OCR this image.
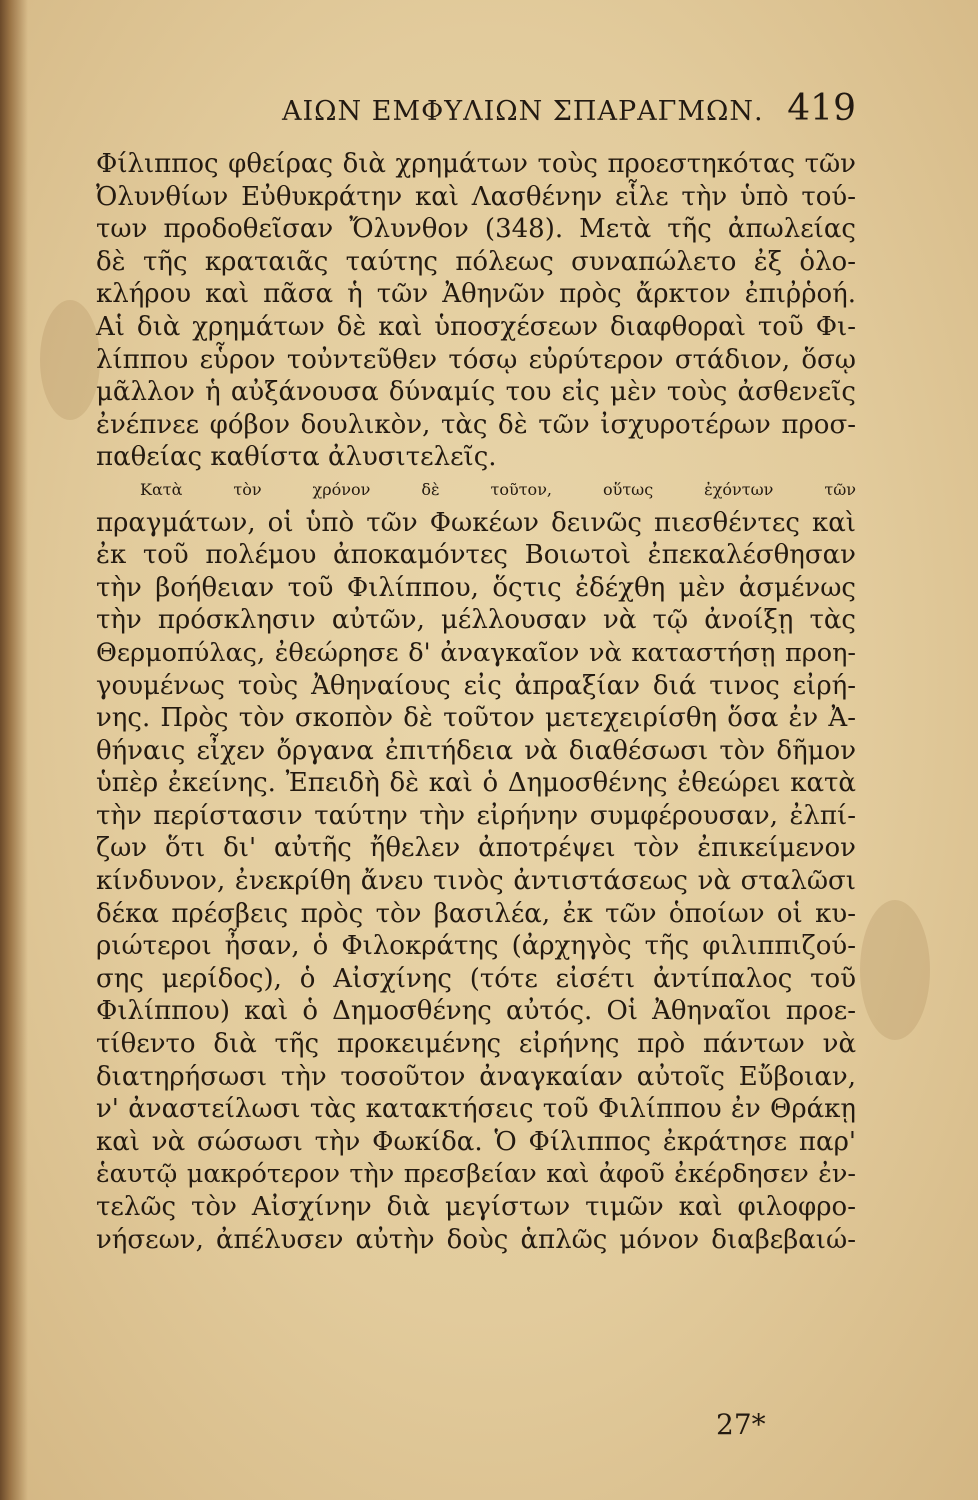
ΑΙΩΝ ΕΜΦΥΛΙΩΝ ΣΠΑΡΑΓΜΩΝ. 419
Φίλιππος φθείρας διὰ χρημάτων τοὺς προεστηκότας τῶν
Ὀλυνθίων Εὐθυκράτην καὶ Λασθένην εἷλε τὴν ὑπὸ τού-
των προδοθεῖσαν Ὄλυνθον (348). Μετὰ τῆς ἀπωλείας
δὲ τῆς κραταιᾶς ταύτης πόλεως συναπώλετο ἐξ ὁλο-
κλήρου καὶ πᾶσα ἡ τῶν Ἀθηνῶν πρὸς ἄρκτον ἐπιῤῥοή.
Αἱ διὰ χρημάτων δὲ καὶ ὑποσχέσεων διαφθοραὶ τοῦ Φι-
λίππου εὗρον τοὐντεῦθεν τόσῳ εὐρύτερον στάδιον, ὅσῳ
μᾶλλον ἡ αὐξάνουσα δύναμίς του εἰς μὲν τοὺς ἀσθενεῖς
ἐνέπνεε φόβον δουλικὸν, τὰς δὲ τῶν ἰσχυροτέρων προσ-
παθείας καθίστα ἀλυσιτελεῖς.
Κατὰ τὸν χρόνον δὲ τοῦτον, οὕτως ἐχόντων τῶν
πραγμάτων, οἱ ὑπὸ τῶν Φωκέων δεινῶς πιεσθέντες καὶ
ἐκ τοῦ πολέμου ἀποκαμόντες Βοιωτοὶ ἐπεκαλέσθησαν
τὴν βοήθειαν τοῦ Φιλίππου, ὅςτις ἐδέχθη μὲν ἀσμένως
τὴν πρόσκλησιν αὐτῶν, μέλλουσαν νὰ τῷ ἀνοίξῃ τὰς
Θερμοπύλας, ἐθεώρησε δ' ἀναγκαῖον νὰ καταστήσῃ προη-
γουμένως τοὺς Ἀθηναίους εἰς ἀπραξίαν διά τινος εἰρή-
νης. Πρὸς τὸν σκοπὸν δὲ τοῦτον μετεχειρίσθη ὅσα ἐν Ἀ-
θήναις εἶχεν ὄργανα ἐπιτήδεια νὰ διαθέσωσι τὸν δῆμον
ὑπὲρ ἐκείνης. Ἐπειδὴ δὲ καὶ ὁ Δημοσθένης ἐθεώρει κατὰ
τὴν περίστασιν ταύτην τὴν εἰρήνην συμφέρουσαν, ἐλπί-
ζων ὅτι δι' αὐτῆς ἤθελεν ἀποτρέψει τὸν ἐπικείμενον
κίνδυνον, ἐνεκρίθη ἄνευ τινὸς ἀντιστάσεως νὰ σταλῶσι
δέκα πρέσβεις πρὸς τὸν βασιλέα, ἐκ τῶν ὁποίων οἱ κυ-
ριώτεροι ἦσαν, ὁ Φιλοκράτης (ἀρχηγὸς τῆς φιλιππιζού-
σης μερίδος), ὁ Αἰσχίνης (τότε εἰσέτι ἀντίπαλος τοῦ
Φιλίππου) καὶ ὁ Δημοσθένης αὐτός. Οἱ Ἀθηναῖοι προε-
τίθεντο διὰ τῆς προκειμένης εἰρήνης πρὸ πάντων νὰ
διατηρήσωσι τὴν τοσοῦτον ἀναγκαίαν αὐτοῖς Εὔβοιαν,
ν' ἀναστείλωσι τὰς κατακτήσεις τοῦ Φιλίππου ἐν Θράκῃ
καὶ νὰ σώσωσι τὴν Φωκίδα. Ὁ Φίλιππος ἐκράτησε παρ'
ἑαυτῷ μακρότερον τὴν πρεσβείαν καὶ ἀφοῦ ἐκέρδησεν ἐν-
τελῶς τὸν Αἰσχίνην διὰ μεγίστων τιμῶν καὶ φιλοφρο-
νήσεων, ἀπέλυσεν αὐτὴν δοὺς ἁπλῶς μόνον διαβεβαιώ-
27*
